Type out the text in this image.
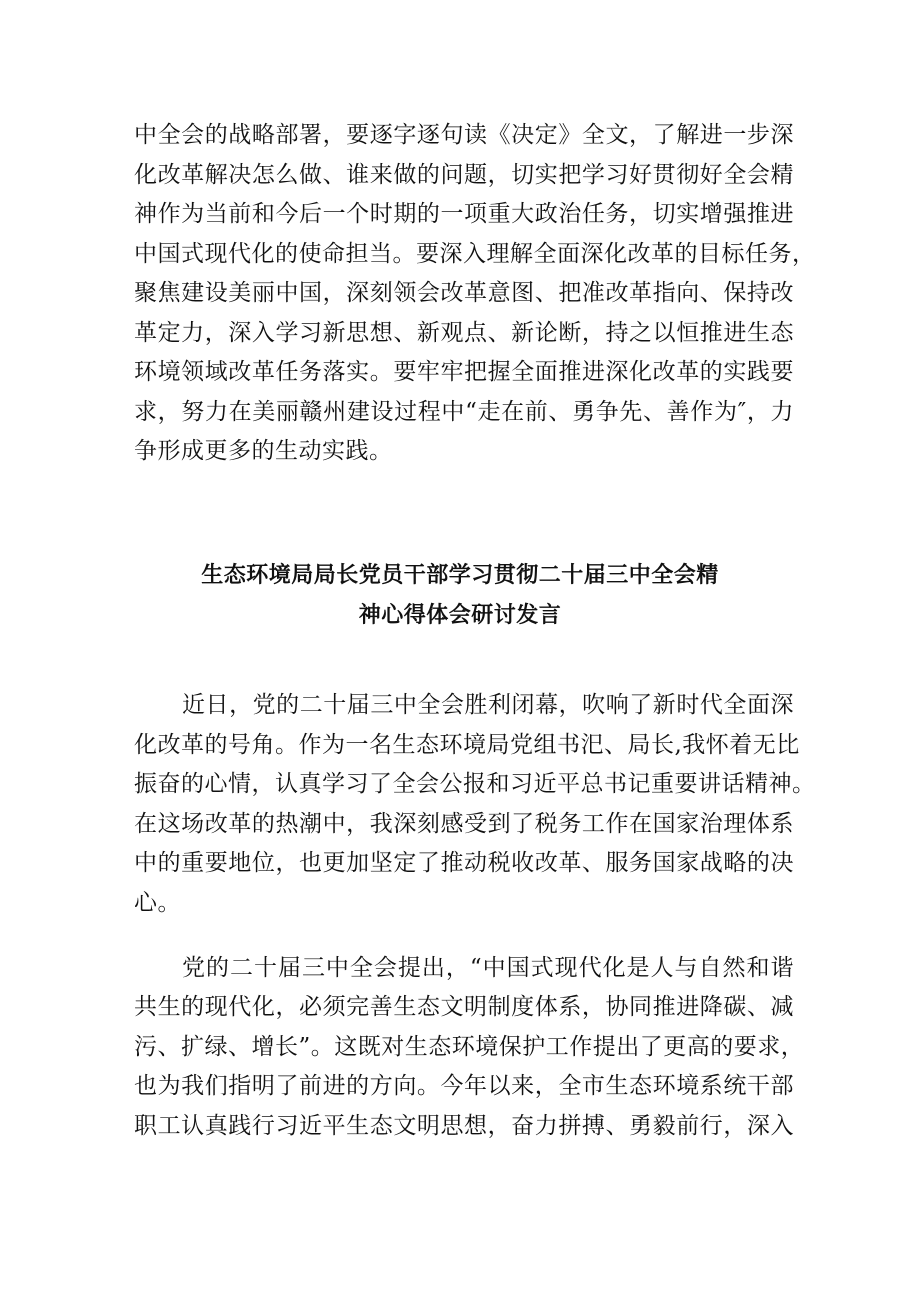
中全会的战略部署，要逐字逐句读《决定》全文，了解进一步深
化改革解决怎么做、谁来做的问题，切实把学习好贯彻好全会精
神作为当前和今后一个时期的一项重大政治任务，切实增强推进
中国式现代化的使命担当。要深入理解全面深化改革的目标任务，
聚焦建设美丽中国，深刻领会改革意图、把准改革指向、保持改
革定力，深入学习新思想、新观点、新论断，持之以恒推进生态
环境领域改革任务落实。要牢牢把握全面推进深化改革的实践要
求，努力在美丽赣州建设过程中“走在前、勇争先、善作为″，力
争形成更多的生动实践。
生态环境局局长党员干部学习贯彻二十届三中全会精
神心得体会研讨发言
近日，党的二十届三中全会胜利闭幕，吹响了新时代全面深
化改革的号角。作为一名生态环境局党组书汜、局长,我怀着无比
振奋的心情，认真学习了全会公报和习近平总书记重要讲话精神。
在这场改革的热潮中，我深刻感受到了税务工作在国家治理体系
中的重要地位，也更加坚定了推动税收改革、服务国家战略的决
心。
党的二十届三中全会提出，“中国式现代化是人与自然和谐
共生的现代化，必须完善生态文明制度体系，协同推进降碳、减
污、扩绿、增长”。这既对生态环境保护工作提出了更高的要求，
也为我们指明了前进的方向。今年以来，全市生态环境系统干部
职工认真践行习近平生态文明思想，奋力拼搏、勇毅前行，深入
